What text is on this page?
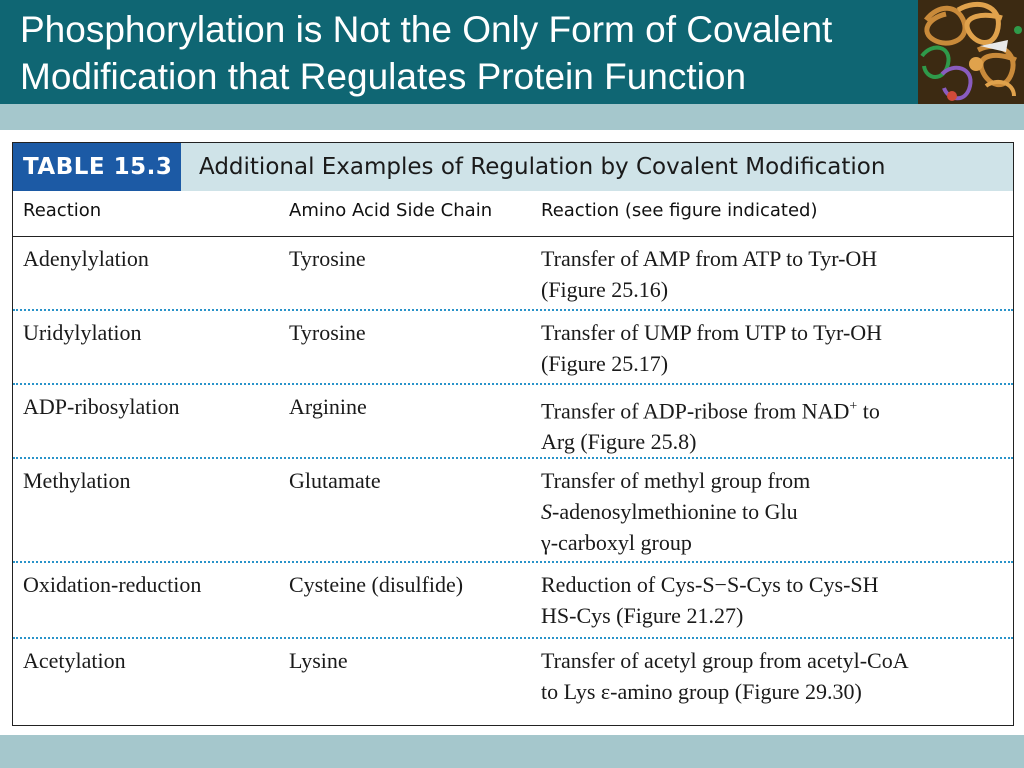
Phosphorylation is Not the Only Form of Covalent
Modification that Regulates Protein Function
TABLE 15.3	Additional Examples of Regulation by Covalent Modification
Reaction	Amino Acid Side Chain	Reaction (see figure indicated)
Adenylylation	Tyrosine	Transfer of AMP from ATP to Tyr-OH
(Figure 25.16)
Uridylylation	Tyrosine	Transfer of UMP from UTP to Tyr-OH
(Figure 25.17)
ADP-ribosylation	Arginine	Transfer of ADP-ribose from NAD+ to
Arg (Figure 25.8)
Methylation	Glutamate	Transfer of methyl group from
S-adenosylmethionine to Glu
γ-carboxyl group
Oxidation-reduction	Cysteine (disulfide)	Reduction of Cys-S−S-Cys to Cys-SH
HS-Cys (Figure 21.27)
Acetylation	Lysine	Transfer of acetyl group from acetyl-CoA
to Lys ε-amino group (Figure 29.30)
